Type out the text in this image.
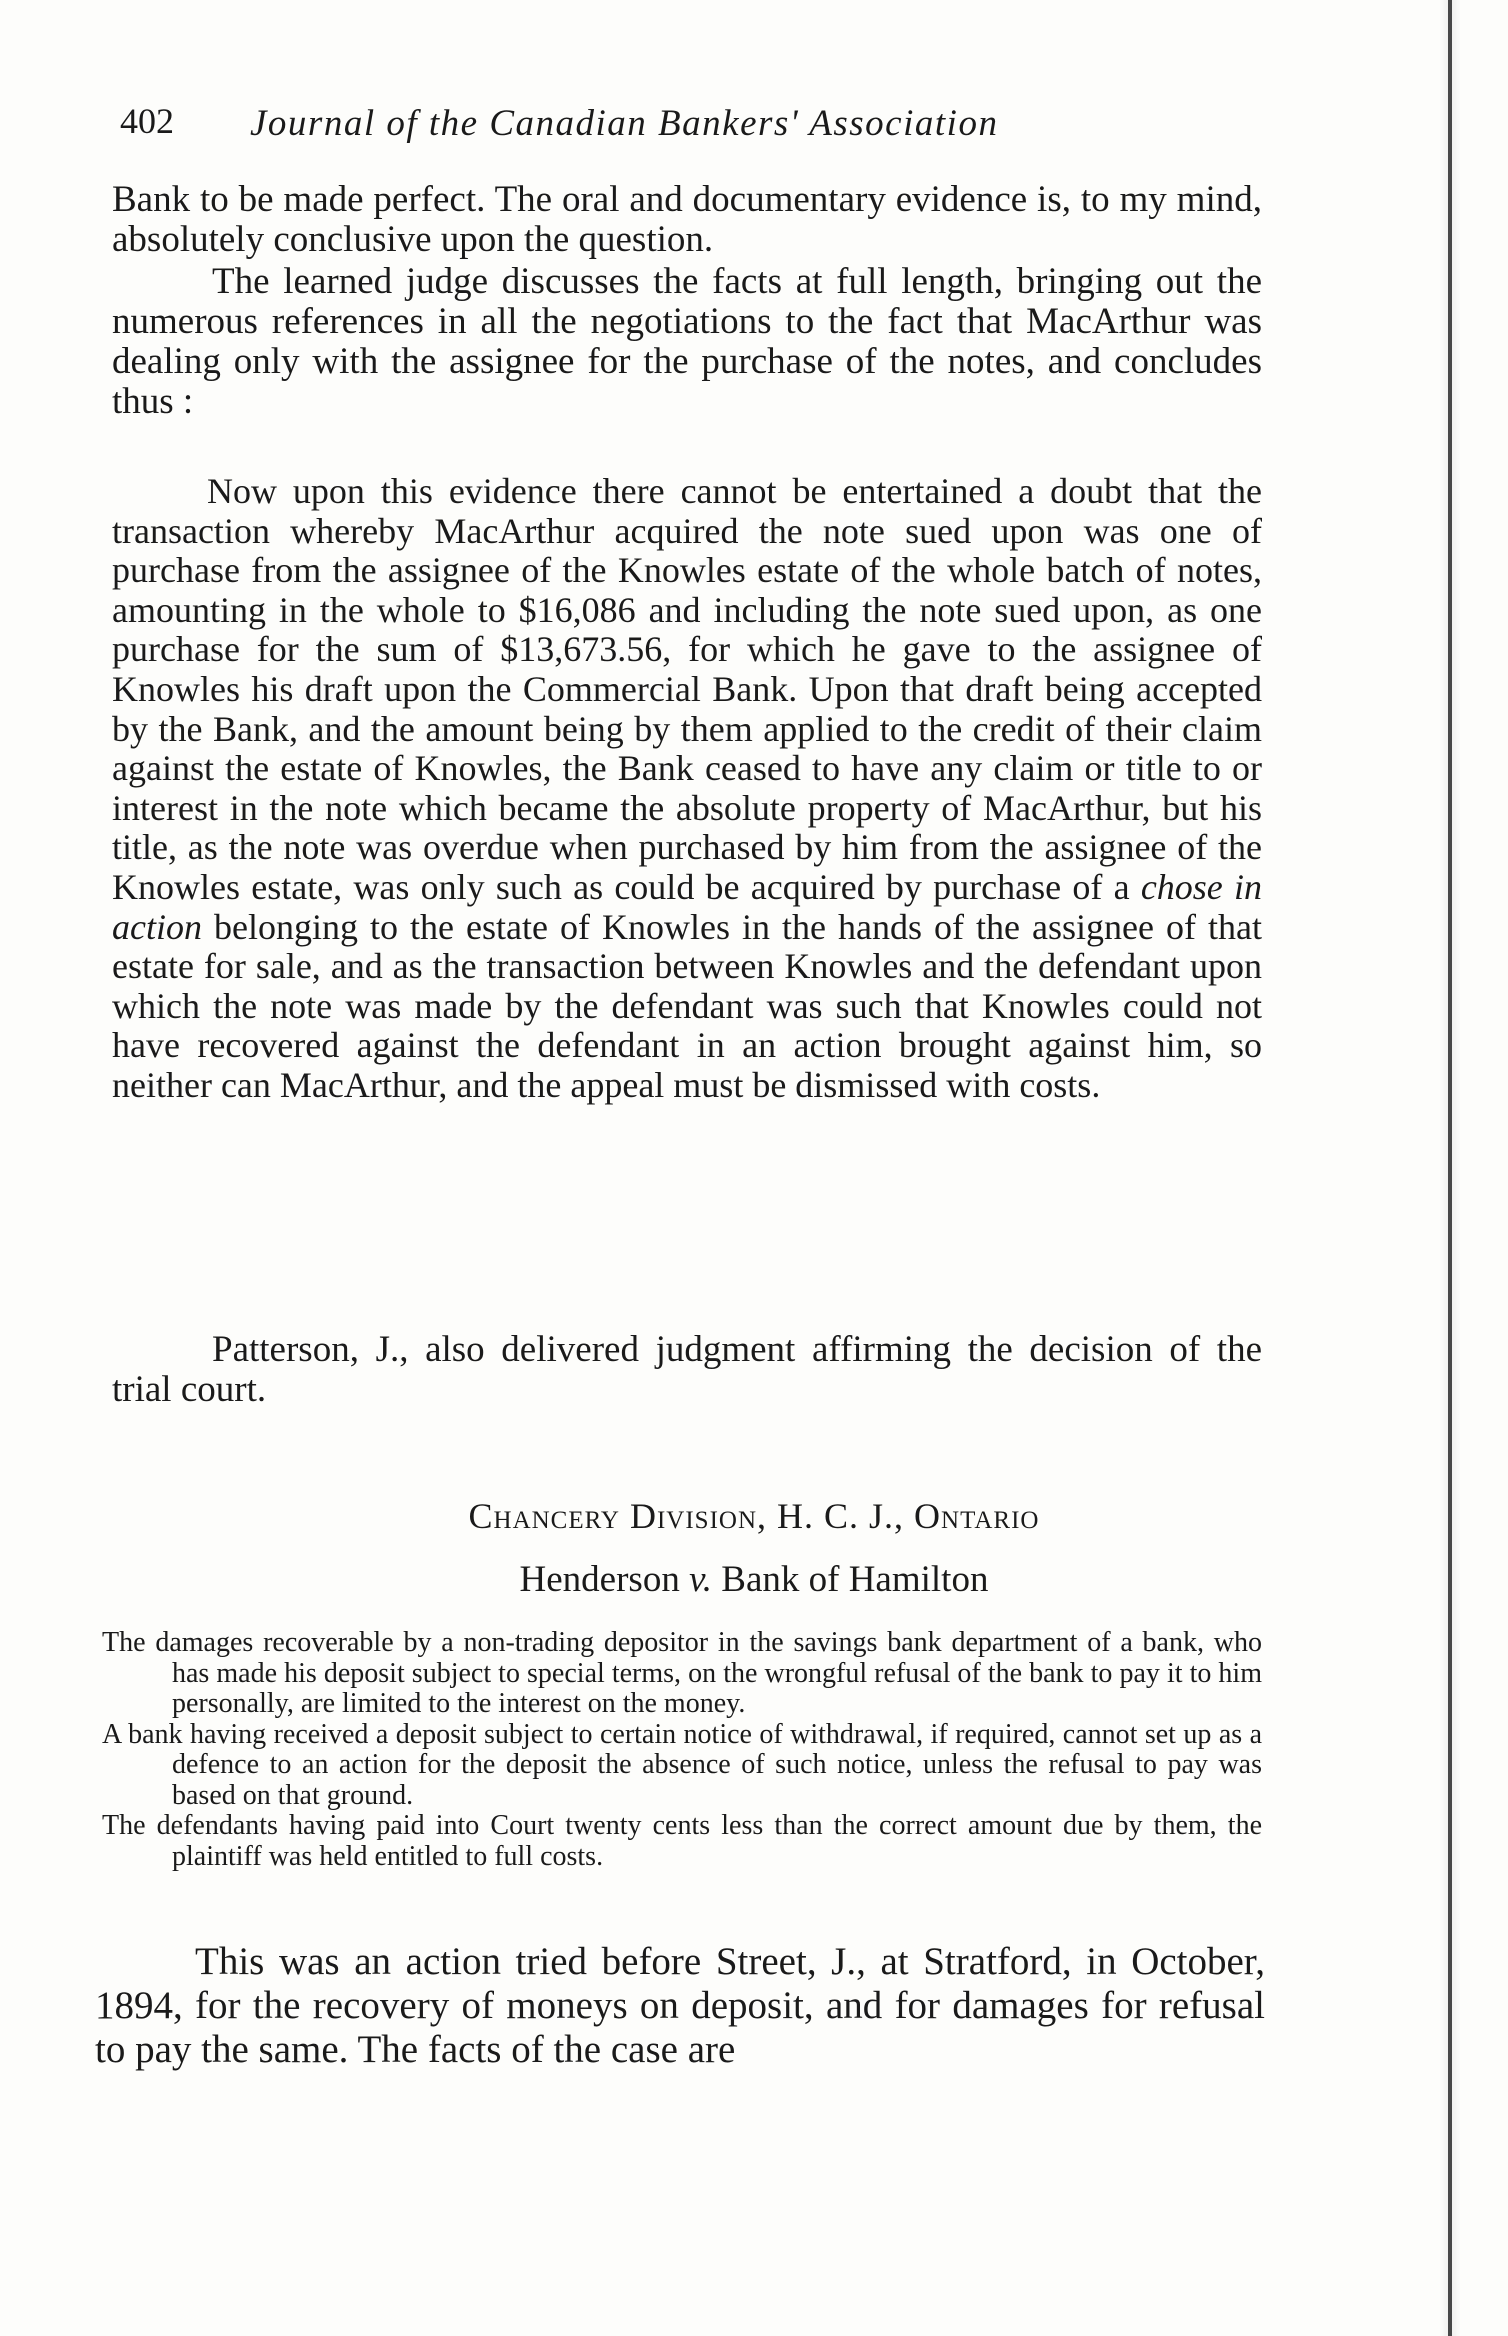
402 Journal of the Canadian Bankers' Association

Bank to be made perfect. The oral and documentary evidence is, to my mind, absolutely conclusive upon the question.

The learned judge discusses the facts at full length, bringing out the numerous references in all the negotiations to the fact that MacArthur was dealing only with the assignee for the purchase of the notes, and concludes thus :

Now upon this evidence there cannot be entertained a doubt that the transaction whereby MacArthur acquired the note sued upon was one of purchase from the assignee of the Knowles estate of the whole batch of notes, amounting in the whole to $16,086 and including the note sued upon, as one purchase for the sum of $13,673.56, for which he gave to the assignee of Knowles his draft upon the Commercial Bank. Upon that draft being accepted by the Bank, and the amount being by them applied to the credit of their claim against the estate of Knowles, the Bank ceased to have any claim or title to or interest in the note which became the absolute property of MacArthur, but his title, as the note was overdue when purchased by him from the assignee of the Knowles estate, was only such as could be acquired by purchase of a chose in action belonging to the estate of Knowles in the hands of the assignee of that estate for sale, and as the transaction between Knowles and the defendant upon which the note was made by the defendant was such that Knowles could not have recovered against the defendant in an action brought against him, so neither can MacArthur, and the appeal must be dismissed with costs.

Patterson, J., also delivered judgment affirming the decision of the trial court.

Chancery Division, H. C. J., Ontario
Henderson v. Bank of Hamilton

The damages recoverable by a non-trading depositor in the savings bank department of a bank, who has made his deposit subject to special terms, on the wrongful refusal of the bank to pay it to him personally, are limited to the interest on the money.

A bank having received a deposit subject to certain notice of withdrawal, if required, cannot set up as a defence to an action for the deposit the absence of such notice, unless the refusal to pay was based on that ground.

The defendants having paid into Court twenty cents less than the correct amount due by them, the plaintiff was held entitled to full costs.

This was an action tried before Street, J., at Stratford, in October, 1894, for the recovery of moneys on deposit, and for damages for refusal to pay the same. The facts of the case are
